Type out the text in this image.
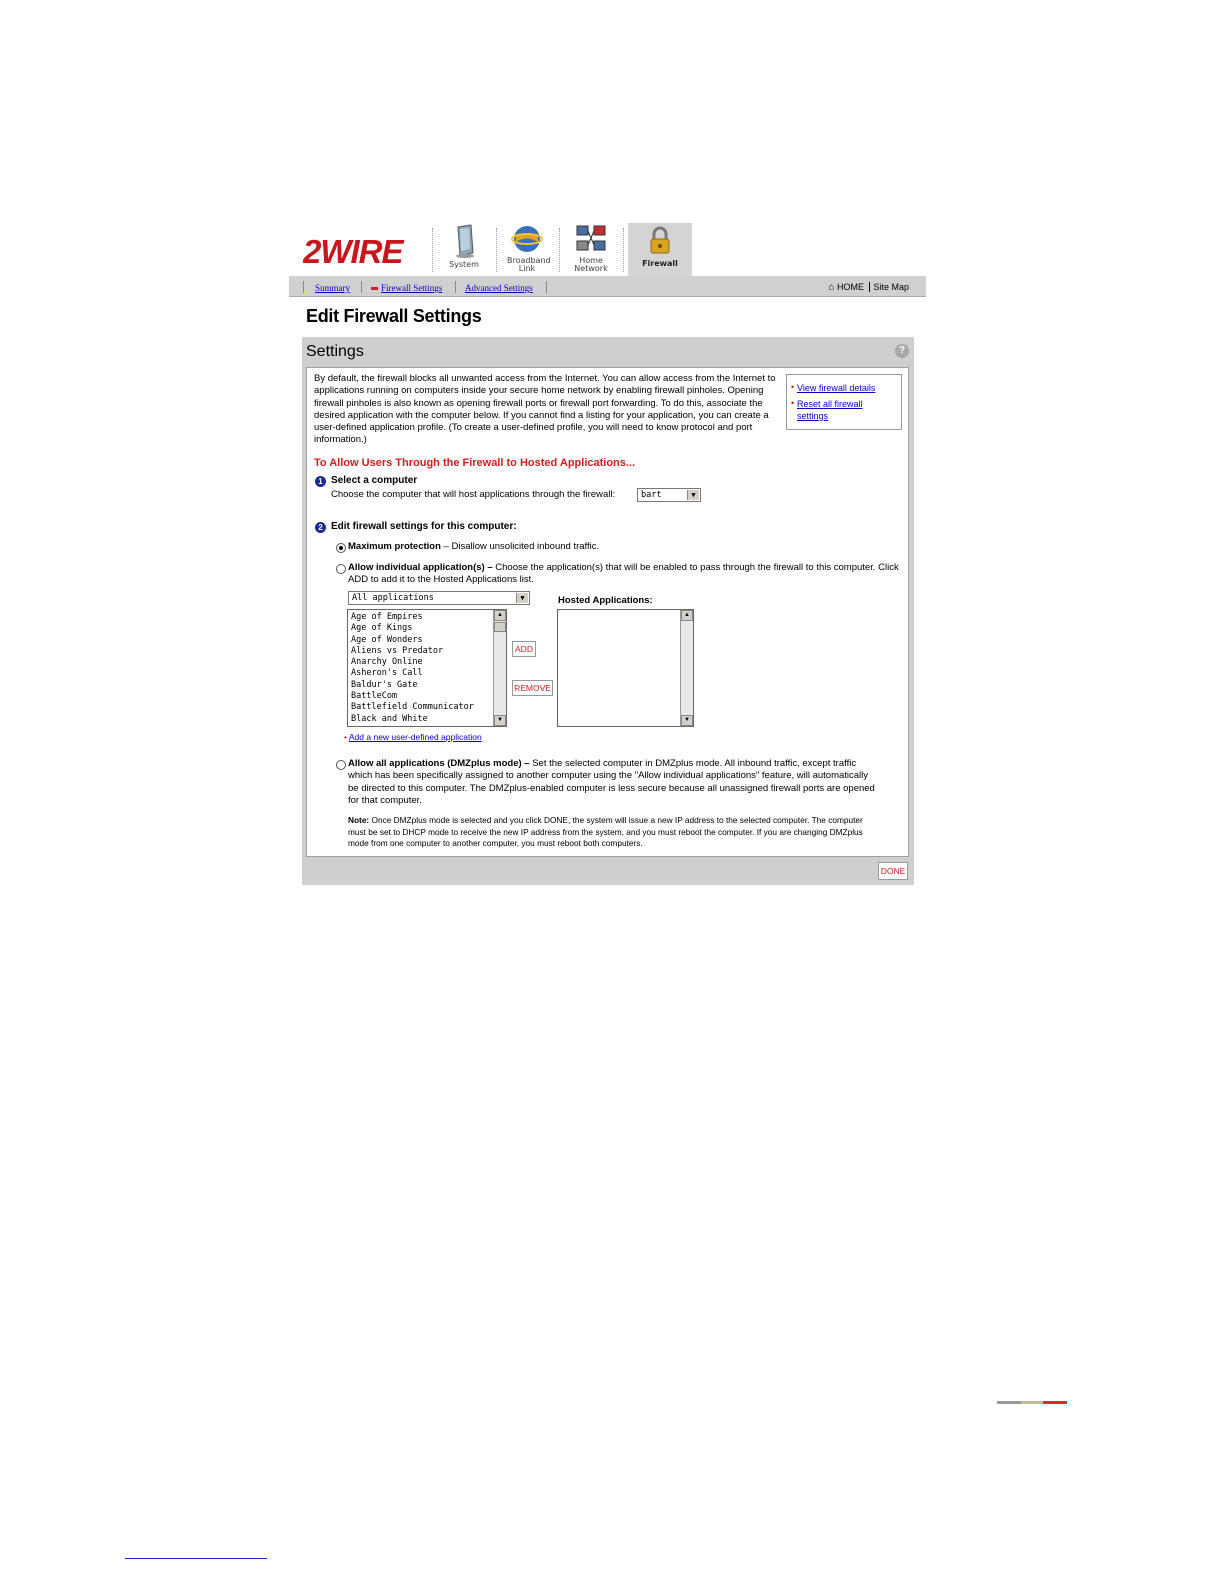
2WIRE	System	Broadband Link
Home Network
Firewall
Summary	Firewall Settings	Advanced Settings	⌂ HOME Site Map
Edit Firewall Settings
Settings	?
By default, the firewall blocks all unwanted access from the Internet. You can allow access from the Internet to applications running on computers inside your secure home network by enabling firewall pinholes. Opening firewall pinholes is also known as opening firewall ports or firewall port forwarding. To do this, associate the desired application with the computer below. If you cannot find a listing for your application, you can create a user-defined application profile. (To create a user-defined profile, you will need to know protocol and port information.)
• View firewall details
• Reset all firewall settings
To Allow Users Through the Firewall to Hosted Applications...
1 Select a computer
Choose the computer that will host applications through the firewall:	bart	▼
2 Edit firewall settings for this computer:
Maximum protection – Disallow unsolicited inbound traffic.
Allow individual application(s) – Choose the application(s) that will be enabled to pass through the firewall to this computer. Click ADD to add it to the Hosted Applications list.
All applications	▼	Hosted Applications:
Age of Empires
Age of Kings
Age of Wonders
Aliens vs Predator
Anarchy Online
Asheron's Call
Baldur's Gate
BattleCom
Battlefield Communicator
Black and White
▲
▼
ADD
REMOVE
▲
▼
• Add a new user-defined application
Allow all applications (DMZplus mode) – Set the selected computer in DMZplus mode. All inbound traffic, except traffic which has been specifically assigned to another computer using the "Allow individual applications" feature, will automatically be directed to this computer. The DMZplus-enabled computer is less secure because all unassigned firewall ports are opened for that computer.
Note: Once DMZplus mode is selected and you click DONE, the system will issue a new IP address to the selected computer. The computer must be set to DHCP mode to receive the new IP address from the system, and you must reboot the computer. If you are changing DMZplus mode from one computer to another computer, you must reboot both computers.
DONE
